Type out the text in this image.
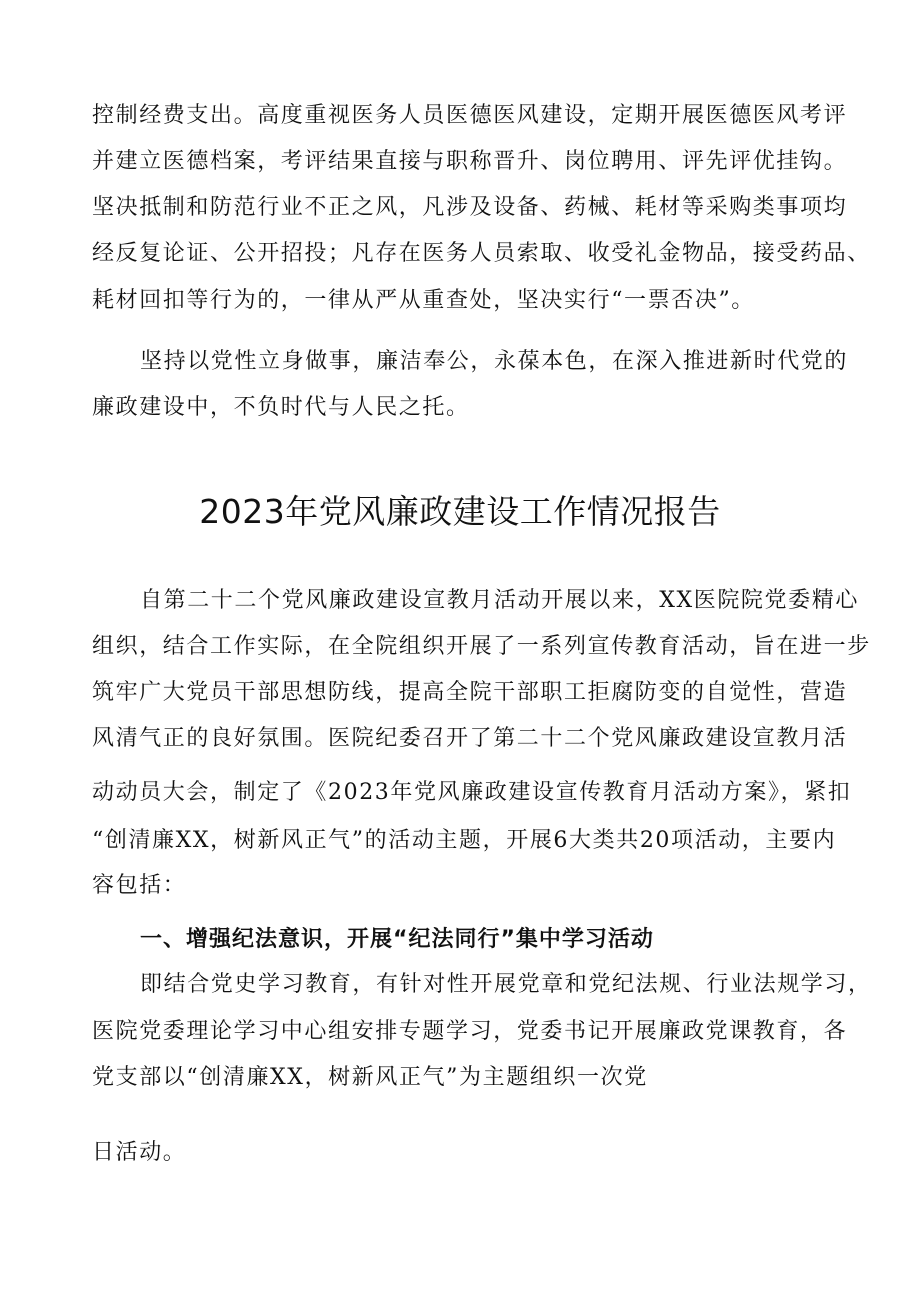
控制经费支出。高度重视医务人员医德医风建设，定期开展医德医风考评
并建立医德档案，考评结果直接与职称晋升、岗位聘用、评先评优挂钩。
坚决抵制和防范行业不正之风，凡涉及设备、药械、耗材等采购类事项均
经反复论证、公开招投；凡存在医务人员索取、收受礼金物品，接受药品、
耗材回扣等行为的，一律从严从重查处，坚决实行“一票否决”。
坚持以党性立身做事，廉洁奉公，永葆本色，在深入推进新时代党的
廉政建设中，不负时代与人民之托。
2023年党风廉政建设工作情况报告
自第二十二个党风廉政建设宣教月活动开展以来，XX医院院党委精心
组织，结合工作实际，在全院组织开展了一系列宣传教育活动，旨在进一步
筑牢广大党员干部思想防线，提高全院干部职工拒腐防变的自觉性，营造
风清气正的良好氛围。医院纪委召开了第二十二个党风廉政建设宣教月活
动动员大会，制定了《2023年党风廉政建设宣传教育月活动方案》，紧扣
“创清廉XX，树新风正气”的活动主题，开展6大类共20项活动，主要内
容包括：
一、增强纪法意识，开展“纪法同行”集中学习活动
即结合党史学习教育，有针对性开展党章和党纪法规、行业法规学习，
医院党委理论学习中心组安排专题学习，党委书记开展廉政党课教育，各
党支部以“创清廉XX，树新风正气”为主题组织一次党
日活动。
